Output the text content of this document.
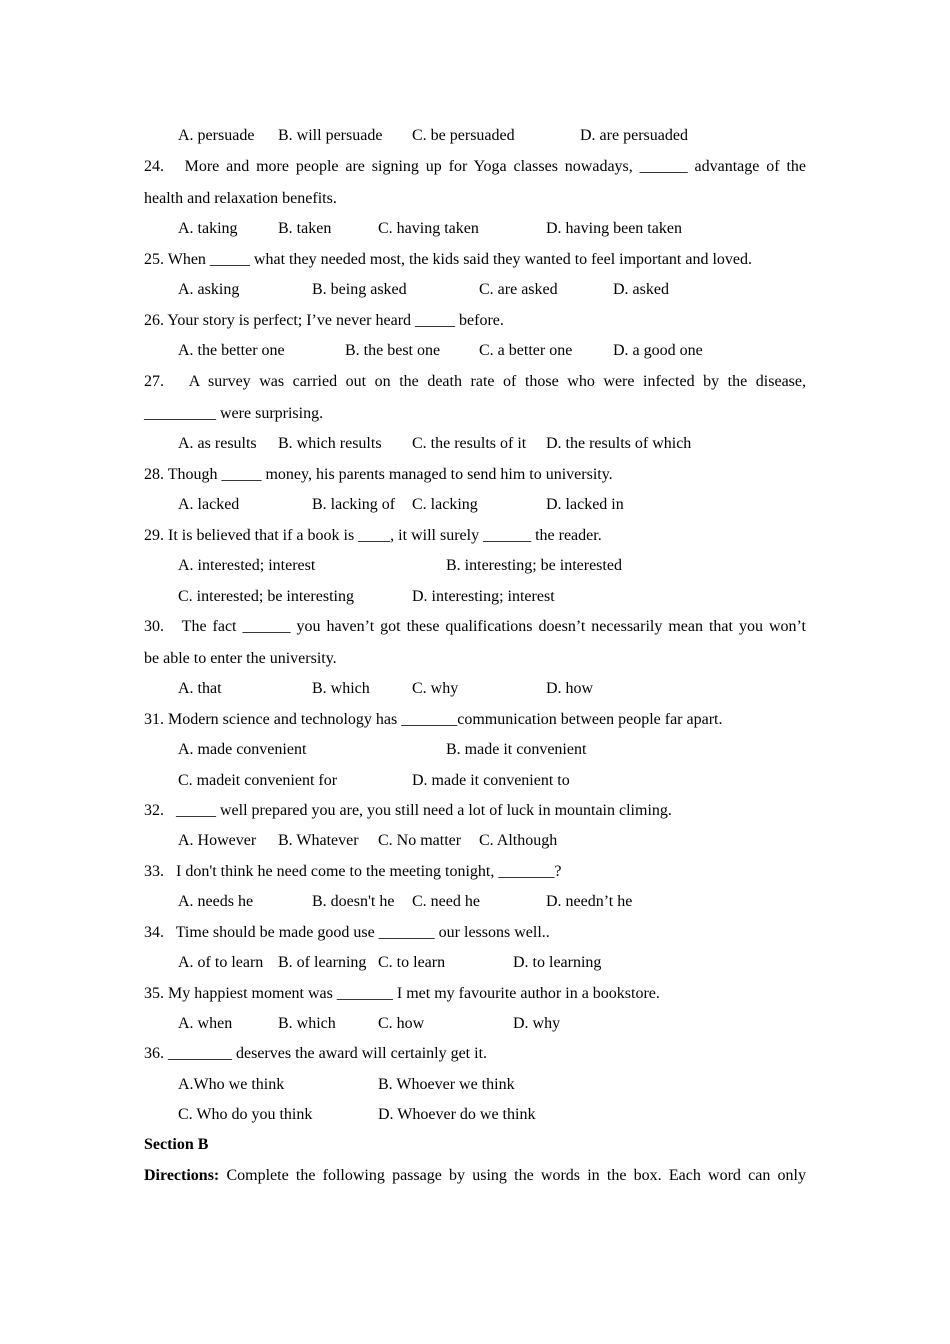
A. persuade B. will persuade C. be persuaded	D. are persuaded
24.   More and more people are signing up for Yoga classes nowadays, ______ advantage of the
health and relaxation benefits.
A. taking	B. taken	C. having taken	D. having been taken
25. When _____ what they needed most, the kids said they wanted to feel important and loved.
A. asking	B. being asked	C. are asked	D. asked
26. Your story is perfect; I’ve never heard _____ before.
A. the better one	B. the best one C. a better one	D. a good one
27.   A survey was carried out on the death rate of those who were infected by the disease,
_________ were surprising.
A. as results B. which results C. the results of it D. the results of which
28. Though _____ money, his parents managed to send him to university.
A. lacked	B. lacking of C. lacking	D. lacked in
29. It is believed that if a book is ____, it will surely ______ the reader.
A. interested; interest	B. interesting; be interested
C. interested; be interesting	D. interesting; interest
30.   The fact ______ you haven’t got these qualifications doesn’t necessarily mean that you won’t
be able to enter the university.
A. that	B. which	C. why	D. how
31. Modern science and technology has _______communication between people far apart.
A. made convenient	B. made it convenient
C. madeit convenient for	D. made it convenient to
32.   _____ well prepared you are, you still need a lot of luck in mountain climing.
A. However B. Whatever C. No matter C. Although
33.   I don't think he need come to the meeting tonight, _______?
A. needs he	B. doesn't he C. need he	D. needn’t he
34.   Time should be made good use _______ our lessons well..
A. of to learn B. of learning C. to learn	D. to learning
35. My happiest moment was _______ I met my favourite author in a bookstore.
A. when	B. which	C. how	D. why
36. ________ deserves the award will certainly get it.
A.Who we think	B. Whoever we think
C. Who do you think	D. Whoever do we think
Section B
Directions: Complete the following passage by using the words in the box. Each word can only
